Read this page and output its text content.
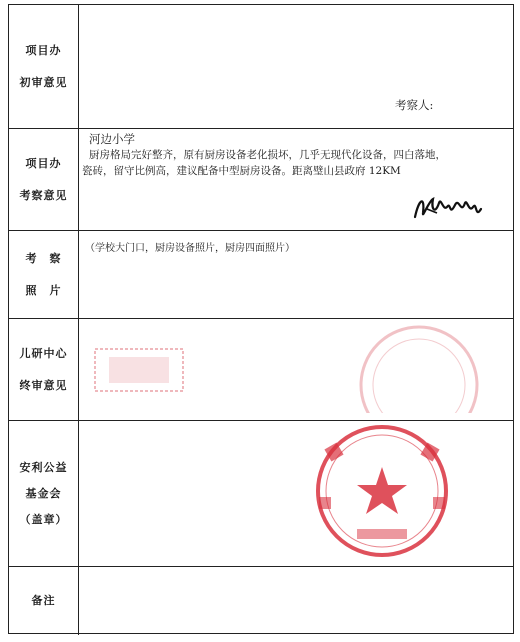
项目办
初审意见
考察人:
项目办
考察意见
河边小学
厨房格局完好整齐，原有厨房设备老化损坏，几乎无现代化设备，四白落地，
瓷砖，留守比例高，建议配备中型厨房设备。距离璧山县政府 12KM
考　察
照　片
（学校大门口，厨房设备照片，厨房四面照片）
儿研中心
终审意见
安利公益
基金会
（盖章）
备注
